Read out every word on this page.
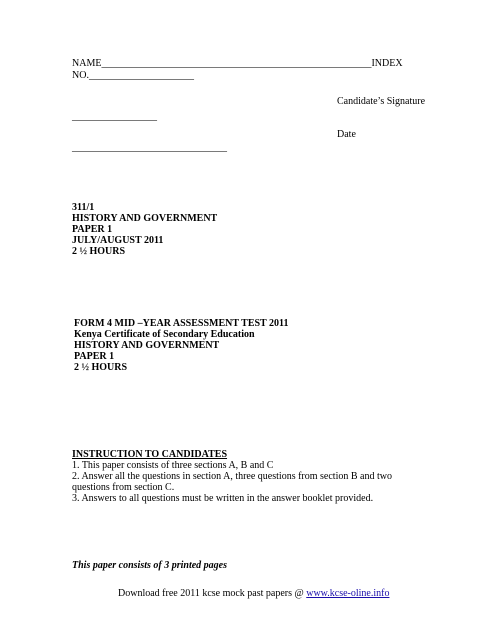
NAME______________________________________________________INDEX
NO._____________________
Candidate’s Signature
_________________
Date
_______________________________
311/1
HISTORY AND GOVERNMENT
PAPER 1
JULY/AUGUST 2011
2 ½ HOURS
FORM 4 MID –YEAR ASSESSMENT TEST 2011
Kenya Certificate of Secondary Education
HISTORY AND GOVERNMENT
PAPER 1
2 ½ HOURS
INSTRUCTION TO CANDIDATES
1. This paper consists of three sections A, B and C
2. Answer all the questions in section A, three questions from section B and two
questions from section C.
3. Answers to all questions must be written in the answer booklet provided.
This paper consists of 3 printed pages
Download free 2011 kcse mock past papers @ www.kcse-oline.info
